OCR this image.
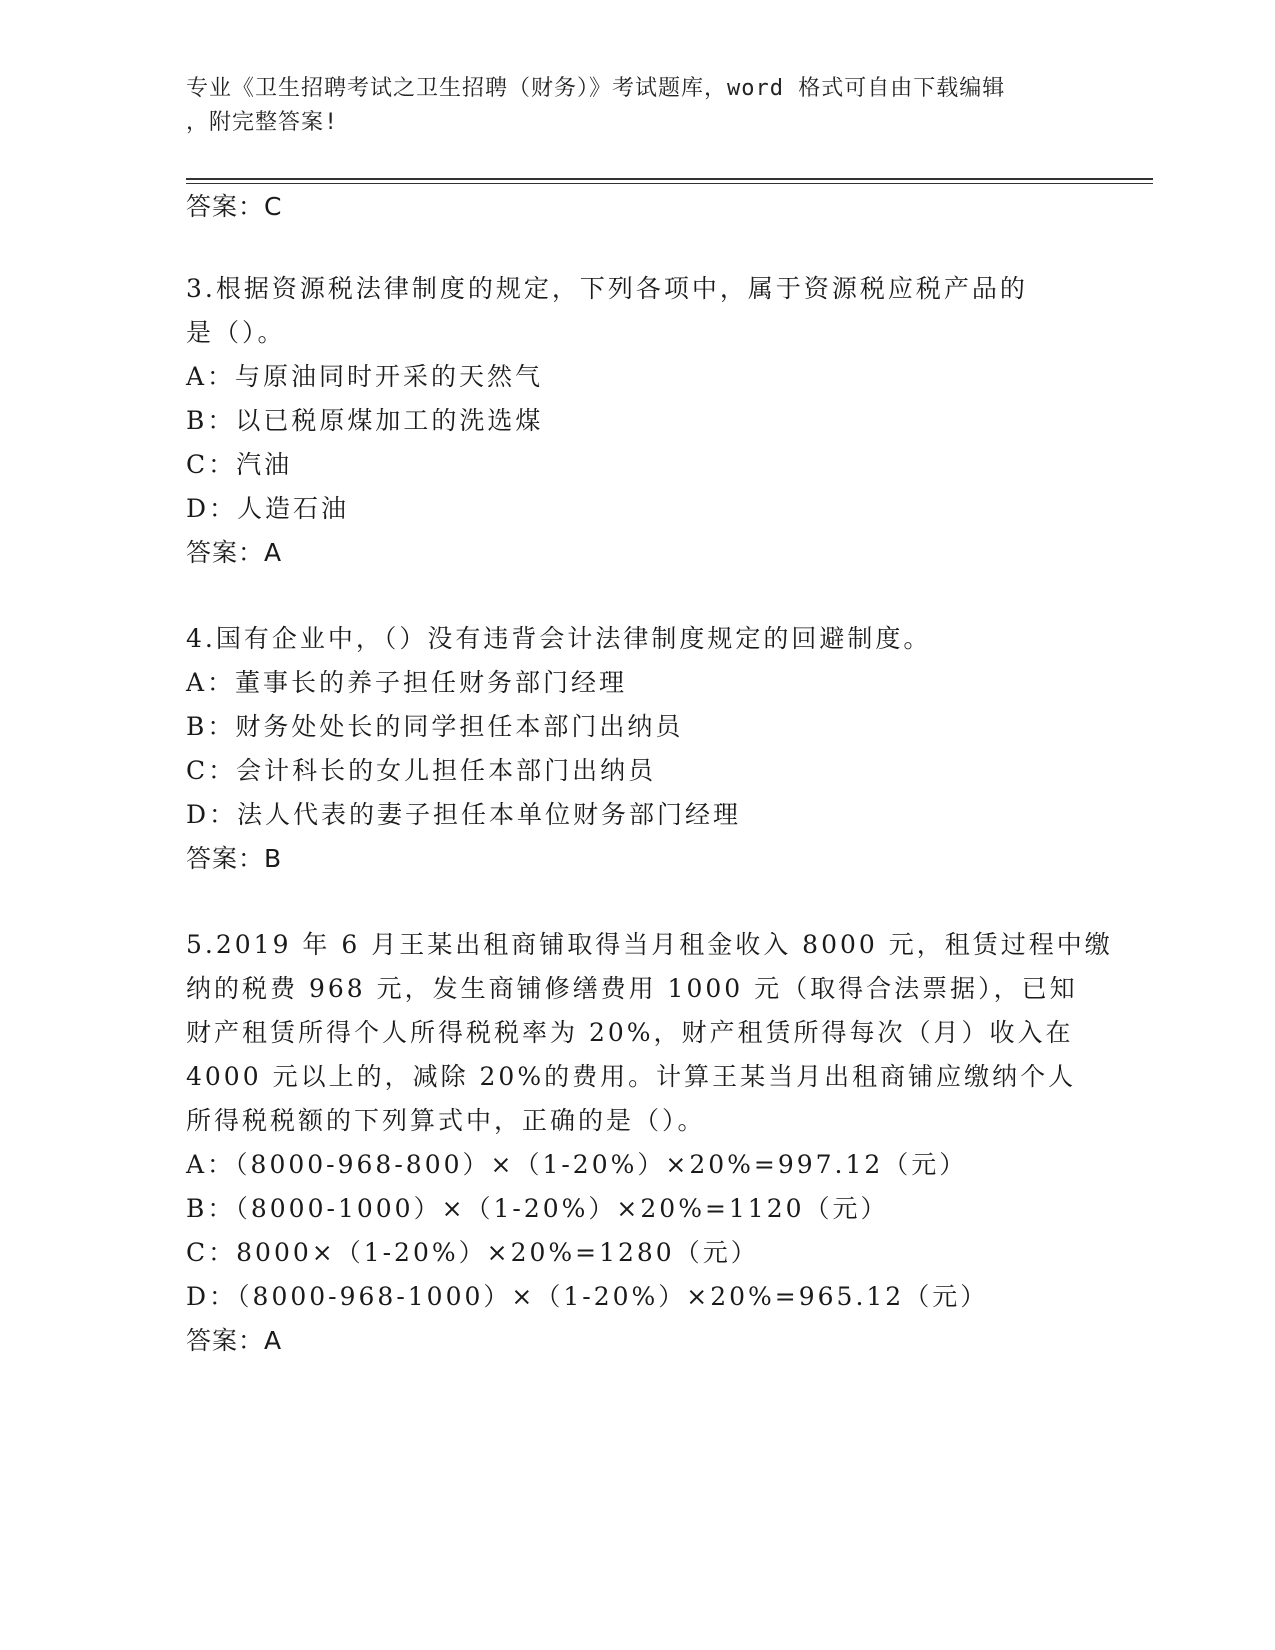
专业《卫生招聘考试之卫生招聘（财务）》考试题库，word 格式可自由下载编辑
，附完整答案!
答案：C
3.根据资源税法律制度的规定，下列各项中，属于资源税应税产品的
是（）。
A：与原油同时开采的天然气
B：以已税原煤加工的洗选煤
C：汽油
D：人造石油
答案：A
4.国有企业中，（）没有违背会计法律制度规定的回避制度。
A：董事长的养子担任财务部门经理
B：财务处处长的同学担任本部门出纳员
C：会计科长的女儿担任本部门出纳员
D：法人代表的妻子担任本单位财务部门经理
答案：B
5.2019 年 6 月王某出租商铺取得当月租金收入 8000 元，租赁过程中缴
纳的税费 968 元，发生商铺修缮费用 1000 元（取得合法票据），已知
财产租赁所得个人所得税税率为 20%，财产租赁所得每次（月）收入在
4000 元以上的，减除 20%的费用。计算王某当月出租商铺应缴纳个人
所得税税额的下列算式中，正确的是（）。
A：（8000-968-800）×（1-20%）×20%=997.12（元）
B：（8000-1000）×（1-20%）×20%=1120（元）
C：8000×（1-20%）×20%=1280（元）
D：（8000-968-1000）×（1-20%）×20%=965.12（元）
答案：A
